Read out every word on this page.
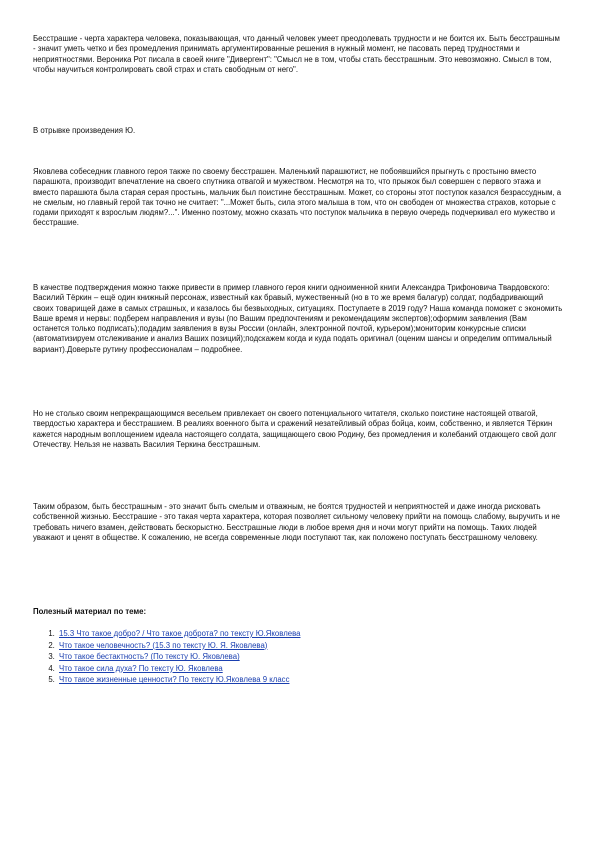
Бесстрашие - черта характера человека, показывающая, что данный человек умеет преодолевать трудности и не боится их. Быть бесстрашным - значит уметь четко и без промедления принимать аргументированные решения в нужный момент, не пасовать перед трудностями и неприятностями. Вероника Рот писала в своей книге "Дивергент": "Смысл не в том, чтобы стать бесстрашным. Это невозможно. Смысл в том, чтобы научиться контролировать свой страх и стать свободным от него".

В отрывке произведения Ю.

Яковлева собеседник главного героя также по своему бесстрашен. Маленький парашютист, не побоявшийся прыгнуть с простыню вместо парашюта, производит впечатление на своего спутника отвагой и мужеством. Несмотря на то, что прыжок был совершен с первого этажа и вместо парашюта была старая серая простынь, мальчик был поистине бесстрашным. Может, со стороны этот поступок казался безрассудным, а не смелым, но главный герой так точно не считает: "...Может быть, сила этого малыша в том, что он свободен от множества страхов, которые с годами приходят к взрослым людям?...". Именно поэтому, можно сказать что поступок мальчика в первую очередь подчеркивал его мужество и бесстрашие.

В качестве подтверждения можно также привести в пример главного героя книги одноименной книги Александра Трифоновича Твардовского: Василий Тёркин – ещё один книжный персонаж, известный как бравый, мужественный (но в то же время балагур) солдат, подбадривающий своих товарищей даже в самых страшных, и казалось бы безвыходных, ситуациях. Поступаете в 2019 году? Наша команда поможет с экономить Ваше время и нервы: подберем направления и вузы (по Вашим предпочтениям и рекомендациям экспертов);оформим заявления (Вам останется только подписать);подадим заявления в вузы России (онлайн, электронной почтой, курьером);мониторим конкурсные списки (автоматизируем отслеживание и анализ Ваших позиций);подскажем когда и куда подать оригинал (оценим шансы и определим оптимальный вариант).Доверьте рутину профессионалам – подробнее.

Но не столько своим непрекращающимся весельем привлекает он своего потенциального читателя, сколько поистине настоящей отвагой, твердостью характера и бесстрашием. В реалиях военного быта и сражений незатейливый образ бойца, коим, собственно, и является Тёркин кажется народным воплощением идеала настоящего солдата, защищающего свою Родину, без промедления и колебаний отдающего свой долг Отечеству. Нельзя не назвать Василия Теркина бесстрашным.

Таким образом, быть бесстрашным - это значит быть смелым и отважным, не боятся трудностей и неприятностей и даже иногда рисковать собственной жизнью. Бесстрашие - это такая черта характера, которая позволяет сильному человеку прийти на помощь слабому, выручить и не требовать ничего взамен, действовать бескорыстно. Бесстрашные люди в любое время дня и ночи могут прийти на помощь. Таких людей уважают и ценят в обществе. К сожалению, не всегда современные люди поступают так, как положено поступать бесстрашному человеку.

Полезный материал по теме:

1. 15.3 Что такое добро? / Что такое доброта? по тексту Ю.Яковлева
2. Что такое человечность? (15.3 по тексту Ю. Я. Яковлева)
3. Что такое бестактность? (По тексту Ю. Яковлева)
4. Что такое сила духа? По тексту Ю. Яковлева
5. Что такое жизненные ценности? По тексту Ю.Яковлева 9 класс
